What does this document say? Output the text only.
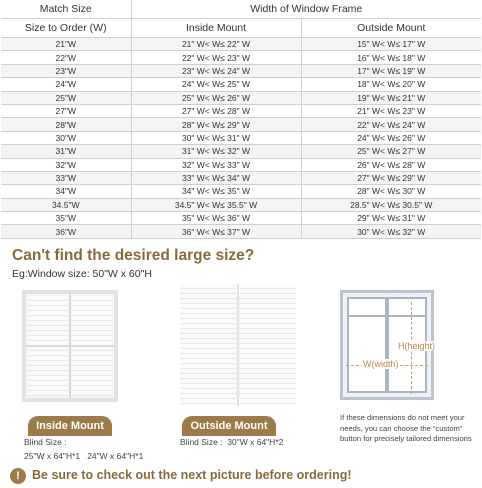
Match Size	Width of Window Frame	
Size to Order (W)	Inside Mount	Outside Mount
21"W	21" W< W≤ 22" W	15" W< W≤ 17" W
22"W	22" W< W≤ 23" W	16" W< W≤ 18" W
23"W	23" W< W≤ 24" W	17" W< W≤ 19" W
24"W	24" W< W≤ 25" W	18" W< W≤ 20" W
25"W	25" W< W≤ 26" W	19" W< W≤ 21" W
27"W	27" W< W≤ 28" W	21" W< W≤ 23" W
28"W	28" W< W≤ 29" W	22" W< W≤ 24" W
30"W	30" W< W≤ 31" W	24" W< W≤ 26" W
31"W	31" W< W≤ 32" W	25" W< W≤ 27" W
32"W	32" W< W≤ 33" W	26" W< W≤ 28" W
33"W	33" W< W≤ 34" W	27" W< W≤ 29" W
34"W	34" W< W≤ 35" W	28" W< W≤ 30" W
34.5"W	34.5" W< W≤ 35.5" W	28.5" W< W≤ 30.5" W
35"W	35" W< W≤ 36" W	29" W< W≤ 31" W
36"W	36" W< W≤ 37" W	30" W< W≤ 32" W
Can't find the desired large size?
Eg:Window size: 50"W x 60"H
Inside Mount
Blind Size :
25"W x 64"H*1   24"W x 64"H*1
Outside Mount
Blind Size :  30"W x 64"H*2
W(width)
H(height)
If these dimensions do not meet your needs, you can choose the “custom” button for precisely tailored dimensions
! Be sure to check out the next picture before ordering!
